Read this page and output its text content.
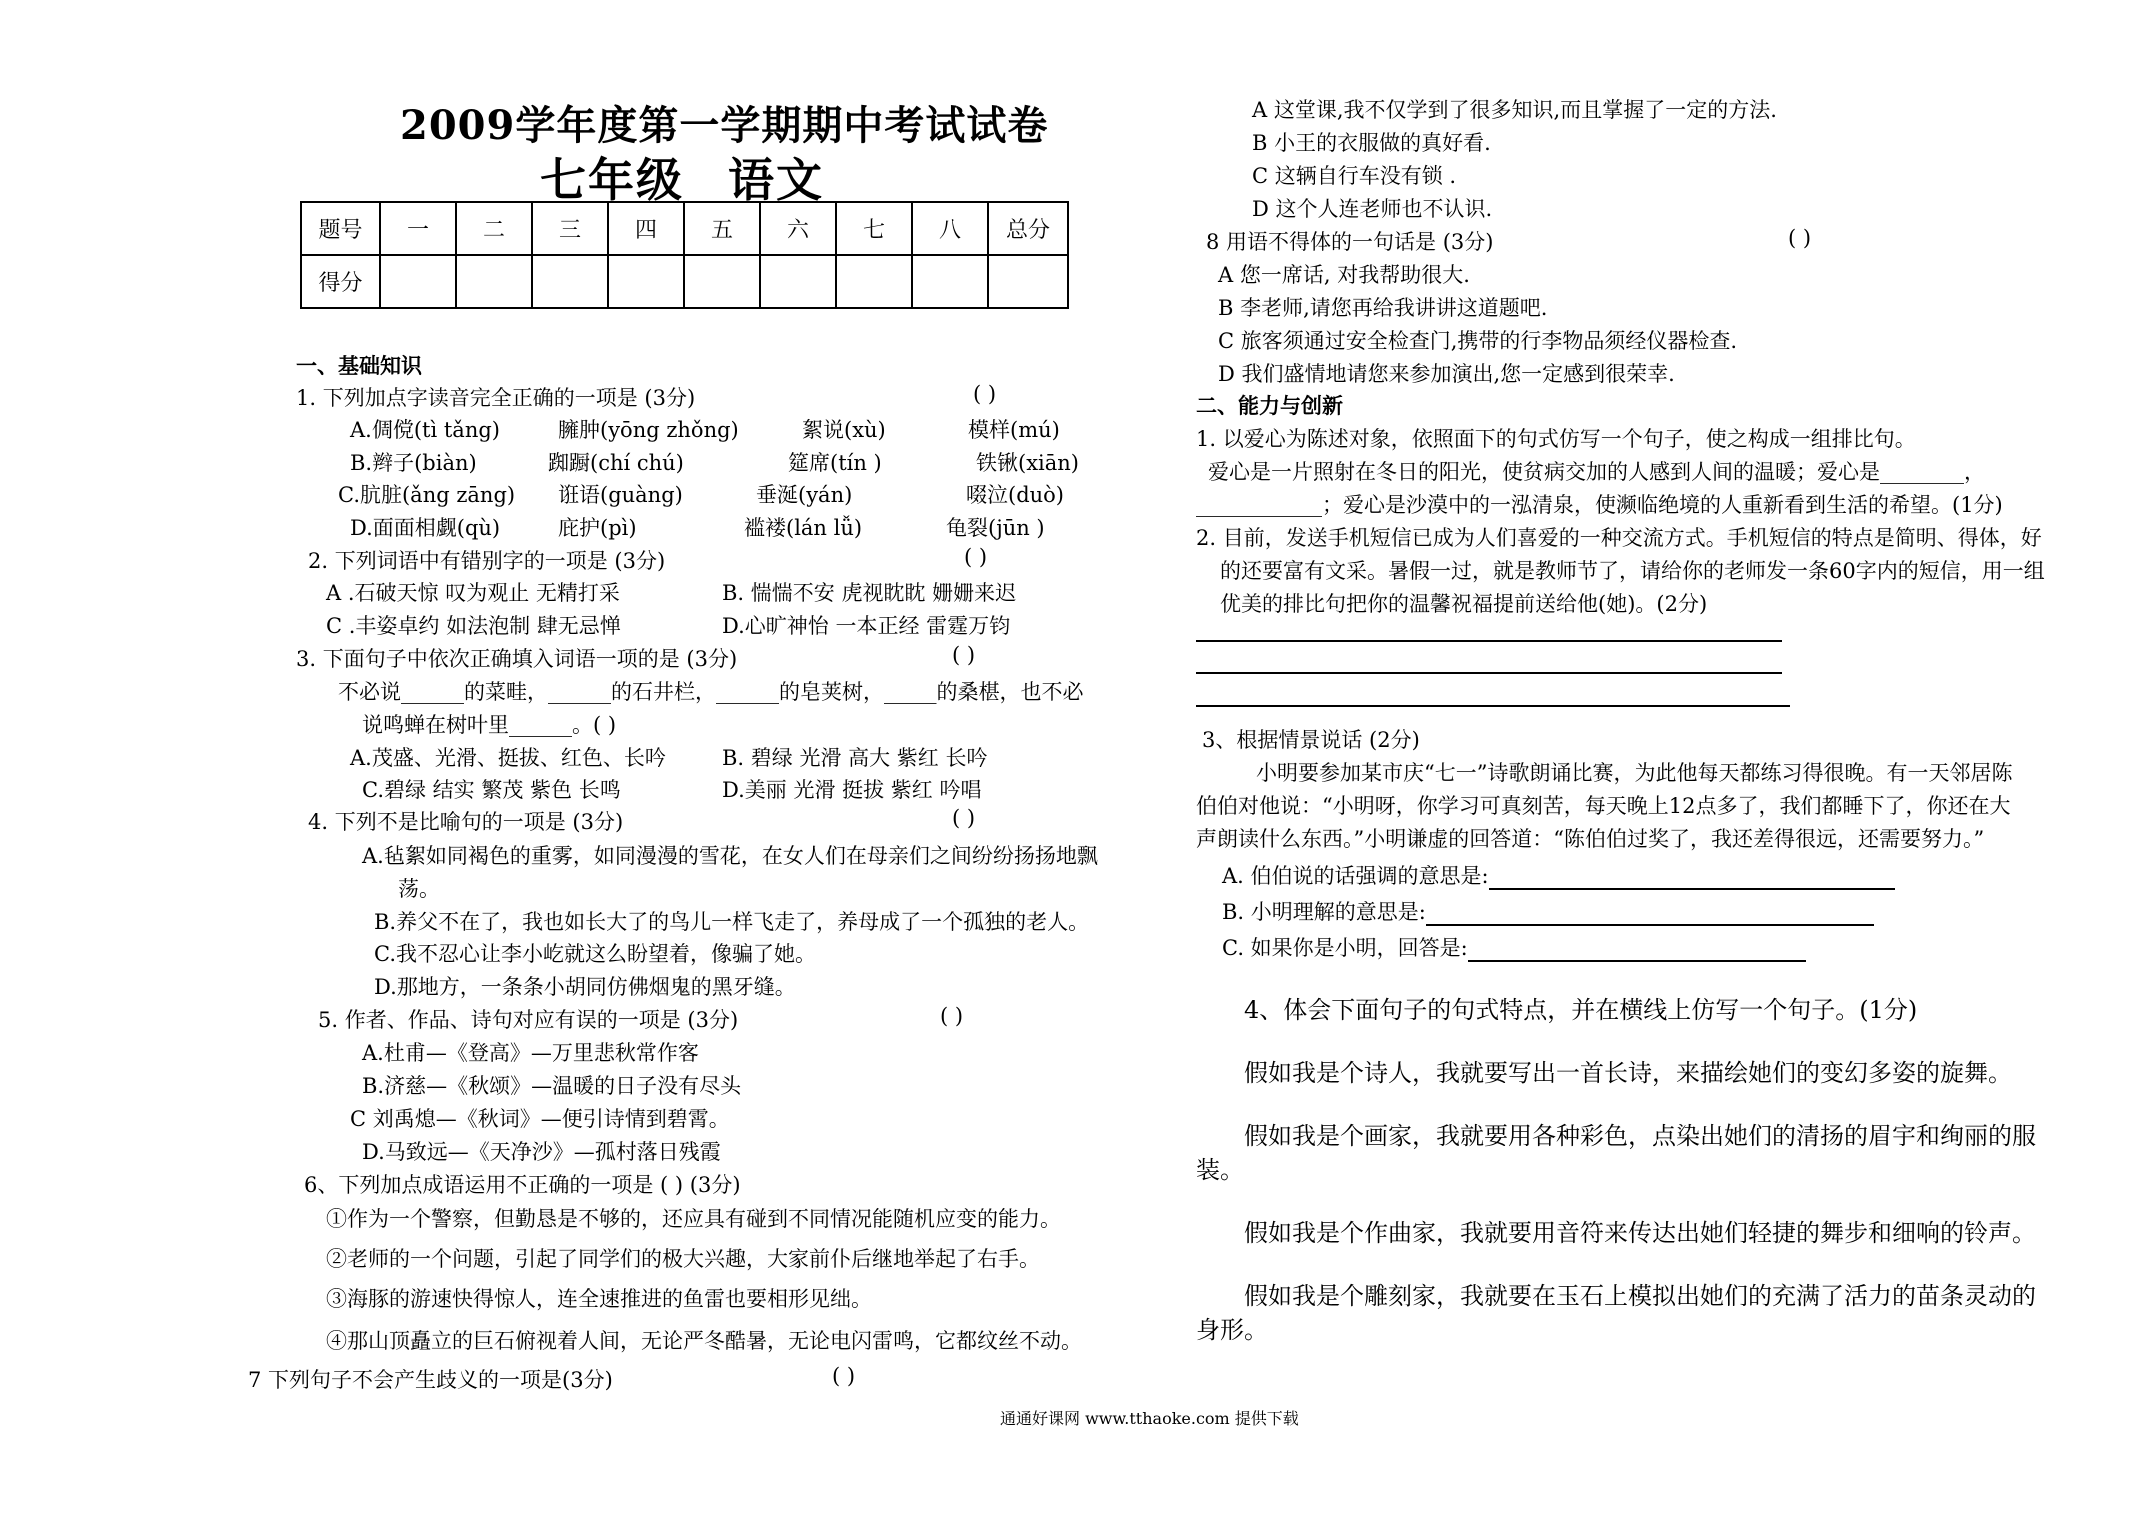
2009学年度第一学期期中考试试卷
七年级 语文
题号	一	二	三	四	五	六	七	八	总分
得分									
一、基础知识
1. 下列加点字读音完全正确的一项是 (3分)	( )
A.倜傥(tì tǎng)	臃肿(yōng zhǒng)	絮说(xù)	模样(mú)
B.辫子(biàn)	踟蹰(chí chú)	筵席(tín )	铁锹(xiān)
C.肮脏(ǎng zāng) 诳语(guàng)	垂涎(yán)	啜泣(duò)
D.面面相觑(qù)	庇护(pì)	褴褛(lán lǚ)	龟裂(jūn )
2. 下列词语中有错别字的一项是 (3分)	( )
A .石破天惊 叹为观止 无精打采	B. 惴惴不安 虎视眈眈 姗姗来迟
C .丰姿卓约 如法泡制 肆无忌惮	D.心旷神怡 一本正经 雷霆万钧
3. 下面句子中依次正确填入词语一项的是 (3分)	( )
不必说______的菜畦，______的石井栏，______的皂荚树，_____的桑椹，也不必
说鸣蝉在树叶里______。( )
A.茂盛、光滑、挺拔、红色、长吟	B. 碧绿 光滑 高大 紫红 长吟
C.碧绿 结实 繁茂 紫色 长鸣	D.美丽 光滑 挺拔 紫红 吟唱
4. 下列不是比喻句的一项是 (3分)	( )
A.毡絮如同褐色的重雾，如同漫漫的雪花，在女人们在母亲们之间纷纷扬扬地飘
荡。
B.养父不在了，我也如长大了的鸟儿一样飞走了，养母成了一个孤独的老人。
C.我不忍心让李小屹就这么盼望着，像骗了她。
D.那地方，一条条小胡同仿佛烟鬼的黑牙缝。
5. 作者、作品、诗句对应有误的一项是 (3分)	( )
A.杜甫—《登高》—万里悲秋常作客
B.济慈—《秋颂》—温暖的日子没有尽头
C 刘禹熄—《秋词》—便引诗情到碧霄。
D.马致远—《天净沙》—孤村落日残霞
6、下列加点成语运用不正确的一项是 ( ) (3分)
①作为一个警察，但勤恳是不够的，还应具有碰到不同情况能随机应变的能力。
②老师的一个问题，引起了同学们的极大兴趣，大家前仆后继地举起了右手。
③海豚的游速快得惊人，连全速推进的鱼雷也要相形见绌。
④那山顶矗立的巨石俯视着人间，无论严冬酷暑，无论电闪雷鸣，它都纹丝不动。
7 下列句子不会产生歧义的一项是(3分)	( )
A 这堂课,我不仅学到了很多知识,而且掌握了一定的方法.
B 小王的衣服做的真好看.
C 这辆自行车没有锁 .
D 这个人连老师也不认识.
8 用语不得体的一句话是 (3分)	( )
A 您一席话, 对我帮助很大.
B 李老师,请您再给我讲讲这道题吧.
C 旅客须通过安全检查门,携带的行李物品须经仪器检查.
D 我们盛情地请您来参加演出,您一定感到很荣幸.
二、能力与创新
1. 以爱心为陈述对象，依照面下的句式仿写一个句子，使之构成一组排比句。
爱心是一片照射在冬日的阳光，使贫病交加的人感到人间的温暖；爱心是________，
____________；爱心是沙漠中的一泓清泉，使濒临绝境的人重新看到生活的希望。(1分)
2. 目前，发送手机短信已成为人们喜爱的一种交流方式。手机短信的特点是简明、得体，好
的还要富有文采。暑假一过，就是教师节了，请给你的老师发一条60字内的短信，用一组
优美的排比句把你的温馨祝福提前送给他(她)。(2分)
3、根据情景说话 (2分)
小明要参加某市庆“七一”诗歌朗诵比赛，为此他每天都练习得很晚。有一天邻居陈
伯伯对他说：“小明呀，你学习可真刻苦，每天晚上12点多了，我们都睡下了，你还在大
声朗读什么东西。”小明谦虚的回答道：“陈伯伯过奖了，我还差得很远，还需要努力。”
A. 伯伯说的话强调的意思是:
B. 小明理解的意思是:
C. 如果你是小明，回答是:
4、体会下面句子的句式特点，并在横线上仿写一个句子。(1分)
假如我是个诗人，我就要写出一首长诗，来描绘她们的变幻多姿的旋舞。
假如我是个画家，我就要用各种彩色，点染出她们的清扬的眉宇和绚丽的服
装。
假如我是个作曲家，我就要用音符来传达出她们轻捷的舞步和细响的铃声。
假如我是个雕刻家，我就要在玉石上模拟出她们的充满了活力的苗条灵动的
身形。
通通好课网 www.tthaoke.com 提供下载
